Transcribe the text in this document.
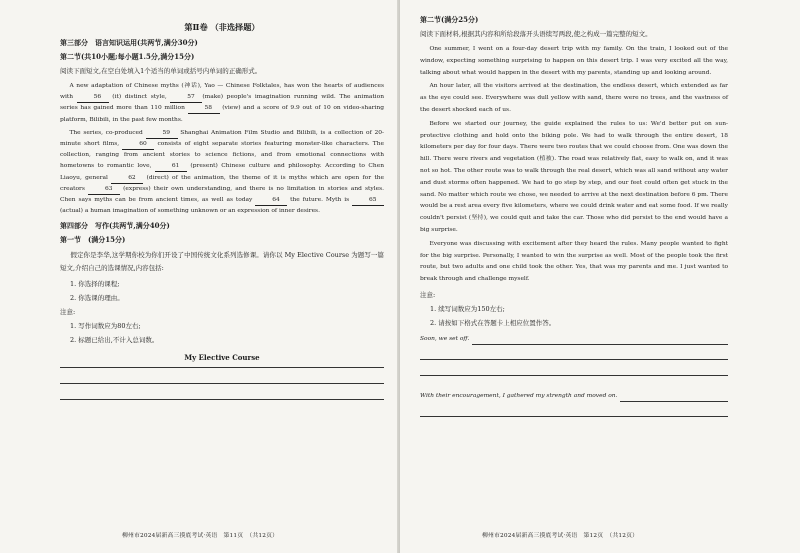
第Ⅱ卷 （非选择题）
第三部分　语言知识运用(共两节,满分30分)
第二节(共10小题;每小题1.5分,满分15分)
阅读下面短文,在空白处填入1个适当的单词或括号内单词的正确形式。

A new adaptation of Chinese myths (神话), Yao — Chinese Folktales, has won the hearts of audiences with	56 (it) distinct style,	57 (make) people's imagination running wild. The animation series has gained more than 110 million	58 (view) and a score of 9.9 out of 10 on video-sharing platform, Bilibili, in the past few months.

The series, co-produced	59 Shanghai Animation Film Studio and Bilibili, is a collection of 20-minute short films,	60 consists of eight separate stories featuring monster-like characters. The collection, ranging from ancient stories to science fictions, and from emotional connections with hometowns to romantic love,	61 (present) Chinese culture and philosophy. According to Chen Liaoyu, general	62 (direct) of the animation, the theme of it is myths which are open for the creators	63 (express) their own understanding, and there is no limitation in stories and styles. Chen says myths can be from ancient times, as well as today	64 the future. Myth is	65 (actual) a human imagination of something unknown or an expression of inner desires.

第四部分　写作(共两节,满分40分)
第一节　(满分15分)

假定你是李华,这学期你校为你们开设了中国传统文化系列选修课。请你以 My Elective Course 为题写一篇短文,介绍自己的选课情况,内容包括:

1. 你选择的课程;
2. 你选课的理由。
注意:
1. 写作词数应为80左右;
2. 标题已给出,不计入总词数。
My Elective Course
柳州市2024届新高三摸底考试·英语　第11页　（共12页）
第二节(满分25分)
阅读下面材料,根据其内容和所给段落开头语续写两段,使之构成一篇完整的短文。

One summer, I went on a four-day desert trip with my family. On the train, I looked out of the window, expecting something surprising to happen on this desert trip. I was very excited all the way, talking about what would happen in the desert with my parents, standing up and looking around.

An hour later, all the visitors arrived at the destination, the endless desert, which extended as far as the eye could see. Everywhere was dull yellow with sand, there were no trees, and the vastness of the desert shocked each of us.

Before we started our journey, the guide explained the rules to us: We'd better put on sun-protective clothing and hold onto the biking pole. We had to walk through the entire desert, 18 kilometers per day for four days. There were two routes that we could choose from. One was down the hill. There were rivers and vegetation (植被). The road was relatively flat, easy to walk on, and it was not so hot. The other route was to walk through the real desert, which was all sand without any water and dust storms often happened. We had to go step by step, and our feet could often get stuck in the sand. No matter which route we chose, we needed to arrive at the next destination before 6 pm. There would be a rest area every five kilometers, where we could drink water and eat some food. If we really couldn't persist (坚持), we could quit and take the car. Those who did persist to the end would have a big surprise.

Everyone was discussing with excitement after they heard the rules. Many people wanted to fight for the big surprise. Personally, I wanted to win the surprise as well. Most of the people took the first route, but two adults and one child took the other. Yes, that was my parents and me. I just wanted to break through and challenge myself.

注意:
1. 续写词数应为150左右;
2. 请按如下格式在答题卡上相应位置作答。
Soon, we set off.
With their encouragement, I gathered my strength and moved on.
柳州市2024届新高三摸底考试·英语　第12页　（共12页）
